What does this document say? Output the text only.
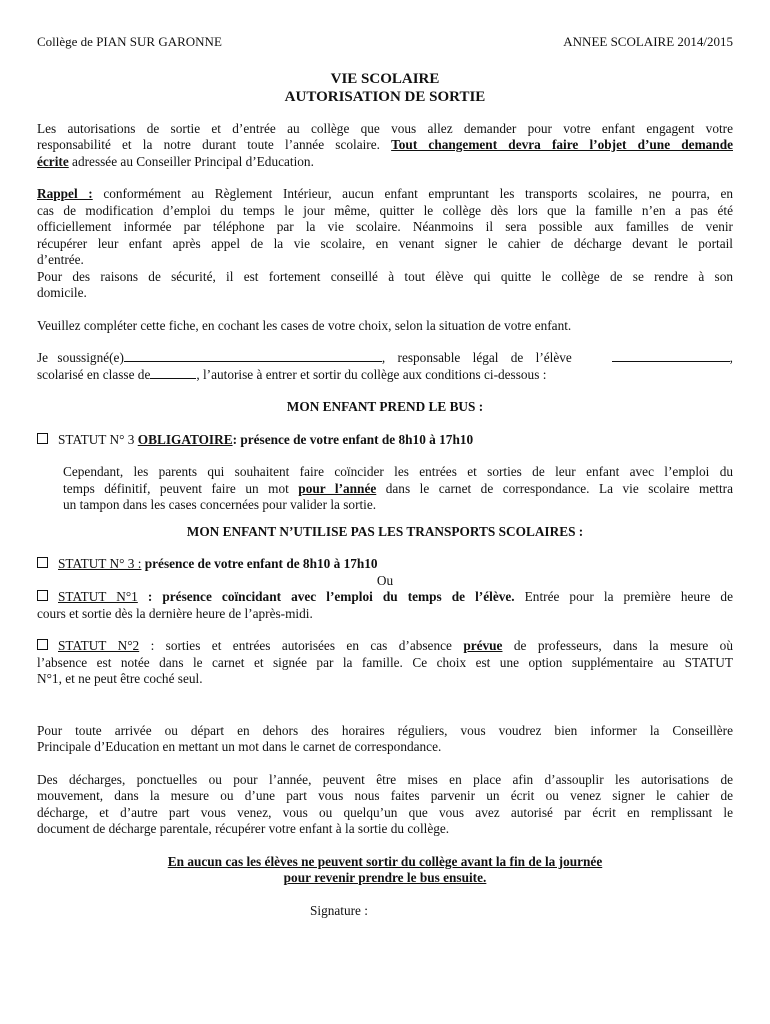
Collège de PIAN SUR GARONNE	ANNEE SCOLAIRE 2014/2015
VIE SCOLAIRE
AUTORISATION DE SORTIE
Les autorisations de sortie et d’entrée au collège que vous allez demander pour votre enfant engagent votre
responsabilité et la notre durant toute l’année scolaire. Tout changement devra faire l’objet d’une demande
écrite adressée au Conseiller Principal d’Education.
Rappel : conformément au Règlement Intérieur, aucun enfant empruntant les transports scolaires, ne pourra, en
cas de modification d’emploi du temps le jour même, quitter le collège dès lors que la famille n’en a pas été
officiellement informée par téléphone par la vie scolaire. Néanmoins il sera possible aux familles de venir
récupérer leur enfant après appel de la vie scolaire, en venant signer le cahier de décharge devant le portail
d’entrée.
Pour des raisons de sécurité, il est fortement conseillé à tout élève qui quitte le collège de se rendre à son
domicile.
Veuillez compléter cette fiche, en cochant les cases de votre choix, selon la situation de votre enfant.
Je soussigné(e)	, responsable légal de l’élève	,
scolarisé en classe de	, l’autorise à entrer et sortir du collège aux conditions ci-dessous :
MON ENFANT PREND LE BUS :
STATUT N° 3 OBLIGATOIRE: présence de votre enfant de 8h10 à 17h10
Cependant, les parents qui souhaitent faire coïncider les entrées et sorties de leur enfant avec l’emploi du
temps définitif, peuvent faire un mot pour l’année dans le carnet de correspondance. La vie scolaire mettra
un tampon dans les cases concernées pour valider la sortie.
MON ENFANT N’UTILISE PAS LES TRANSPORTS SCOLAIRES :
STATUT N° 3 : présence de votre enfant de 8h10 à 17h10
Ou
STATUT N°1 : présence coïncidant avec l’emploi du temps de l’élève. Entrée pour la première heure de
cours et sortie dès la dernière heure de l’après-midi.
STATUT N°2 : sorties et entrées autorisées en cas d’absence prévue de professeurs, dans la mesure où
l’absence est notée dans le carnet et signée par la famille. Ce choix est une option supplémentaire au STATUT
N°1, et ne peut être coché seul.
Pour toute arrivée ou départ en dehors des horaires réguliers, vous voudrez bien informer la Conseillère
Principale d’Education en mettant un mot dans le carnet de correspondance.
Des décharges, ponctuelles ou pour l’année, peuvent être mises en place afin d’assouplir les autorisations de
mouvement, dans la mesure ou d’une part vous nous faites parvenir un écrit ou venez signer le cahier de
décharge, et d’autre part vous venez, vous ou quelqu’un que vous avez autorisé par écrit en remplissant le
document de décharge parentale, récupérer votre enfant à la sortie du collège.
En aucun cas les élèves ne peuvent sortir du collège avant la fin de la journée
pour revenir prendre le bus ensuite.
Signature :
